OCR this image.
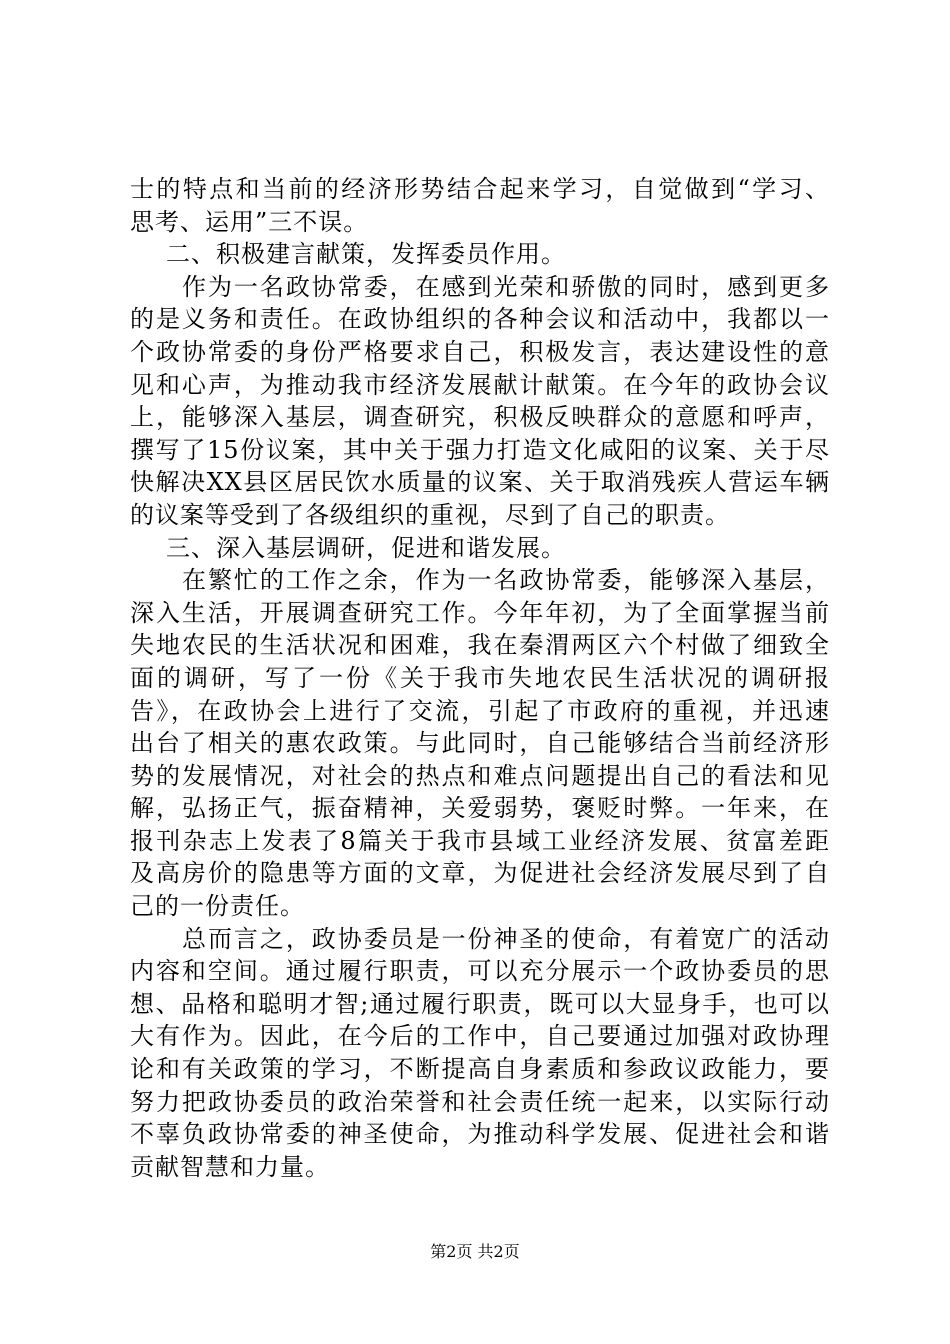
士的特点和当前的经济形势结合起来学习，自觉做到“学习、
思考、运用”三不误。
二、积极建言献策，发挥委员作用。
作为一名政协常委，在感到光荣和骄傲的同时，感到更多
的是义务和责任。在政协组织的各种会议和活动中，我都以一
个政协常委的身份严格要求自己，积极发言，表达建设性的意
见和心声，为推动我市经济发展献计献策。在今年的政协会议
上，能够深入基层，调查研究，积极反映群众的意愿和呼声，
撰写了15份议案，其中关于强力打造文化咸阳的议案、关于尽
快解决XX县区居民饮水质量的议案、关于取消残疾人营运车辆
的议案等受到了各级组织的重视，尽到了自己的职责。
三、深入基层调研，促进和谐发展。
在繁忙的工作之余，作为一名政协常委，能够深入基层，
深入生活，开展调查研究工作。今年年初，为了全面掌握当前
失地农民的生活状况和困难，我在秦渭两区六个村做了细致全
面的调研，写了一份《关于我市失地农民生活状况的调研报
告》，在政协会上进行了交流，引起了市政府的重视，并迅速
出台了相关的惠农政策。与此同时，自己能够结合当前经济形
势的发展情况，对社会的热点和难点问题提出自己的看法和见
解，弘扬正气，振奋精神，关爱弱势，褒贬时弊。一年来，在
报刊杂志上发表了8篇关于我市县域工业经济发展、贫富差距
及高房价的隐患等方面的文章，为促进社会经济发展尽到了自
己的一份责任。
总而言之，政协委员是一份神圣的使命，有着宽广的活动
内容和空间。通过履行职责，可以充分展示一个政协委员的思
想、品格和聪明才智;通过履行职责，既可以大显身手，也可以
大有作为。因此，在今后的工作中，自己要通过加强对政协理
论和有关政策的学习，不断提高自身素质和参政议政能力，要
努力把政协委员的政治荣誉和社会责任统一起来，以实际行动
不辜负政协常委的神圣使命，为推动科学发展、促进社会和谐
贡献智慧和力量。
第2页 共2页
